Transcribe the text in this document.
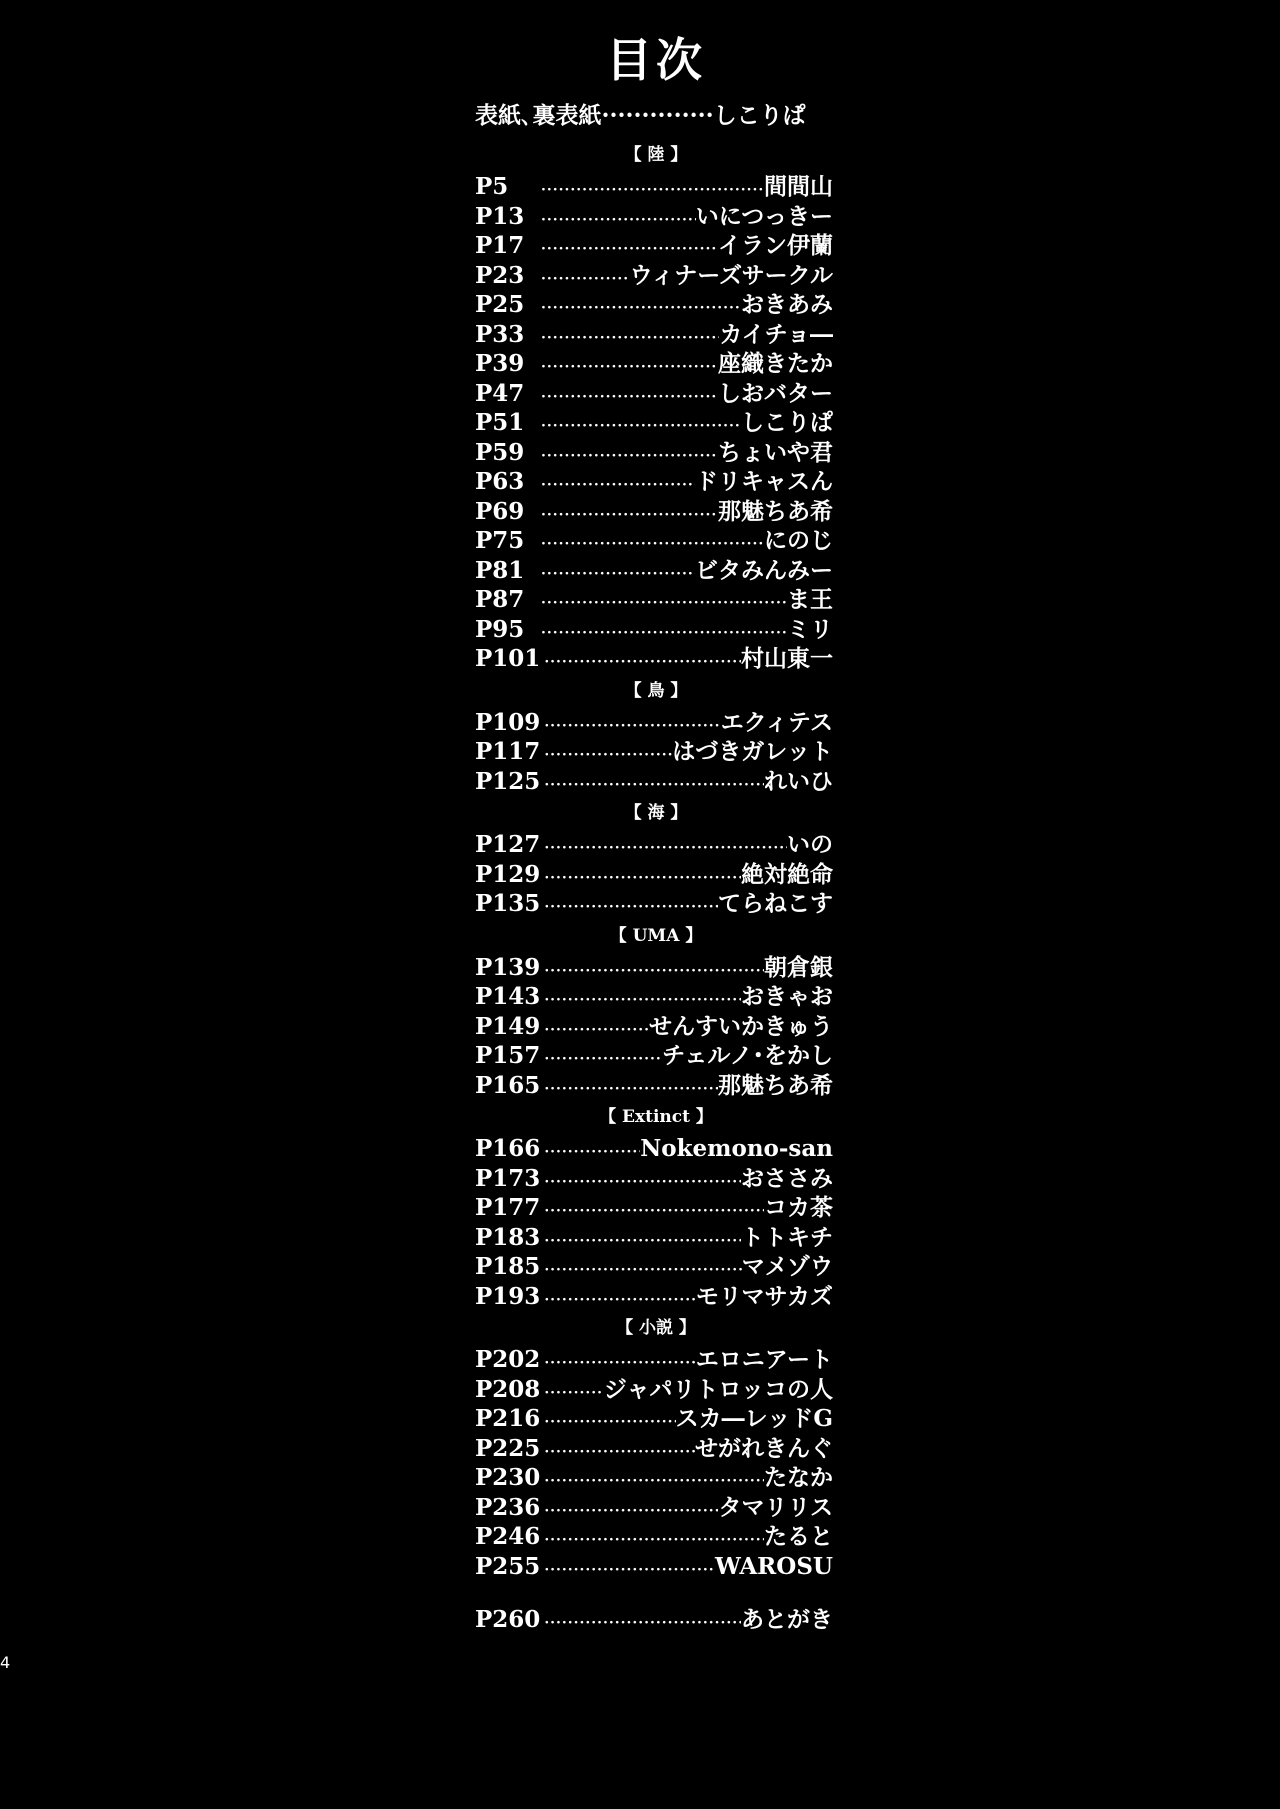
目次
表紙､裏表紙··············しこりぱ
【 陸 】
P5 ·····	間間山
P13 ·····	いにつっきー
P17 ·····	イラン伊蘭
P23 ·····	ウィナーズサークル
P25 ·····	おきあみ
P33 ·····	カイチョ―
P39 ·····	座織きたか
P47 ·····	しおバター
P51 ·····	しこりぱ
P59 ·····	ちょいや君
P63 ·····	ドリキャスん
P69 ·····	那魅ちあ希
P75 ·····	にのじ
P81 ·····	ビタみんみー
P87 ·····	ま王
P95 ·····	ミリ
P101 ·····	村山東一
【 鳥 】
P109 ·····	エクィテス
P117 ·····	はづきガレット
P125 ·····	れいひ
【 海 】
P127 ·····	いの
P129 ·····	絶対絶命
P135 ·····	てらねこす
【 UMA 】
P139 ·····	朝倉銀
P143 ·····	おきゃお
P149 ·····	せんすいかきゅう
P157 ·····	チェルノ･をかし
P165 ·····	那魅ちあ希
【 Extinct 】
P166 ·····	Nokemono-san
P173 ·····	おささみ
P177 ·····	コカ茶
P183 ·····	トトキチ
P185 ·····	マメゾウ
P193 ·····	モリマサカズ
【 小説 】
P202 ·····	エロニアート
P208 ·····	ジャパリトロッコの人
P216 ·····	スカ―レッドG
P225 ·····	せがれきんぐ
P230 ·····	たなか
P236 ·····	タマリリス
P246 ·····	たると
P255 ·····	WAROSU
P260 ·····	あとがき
4
